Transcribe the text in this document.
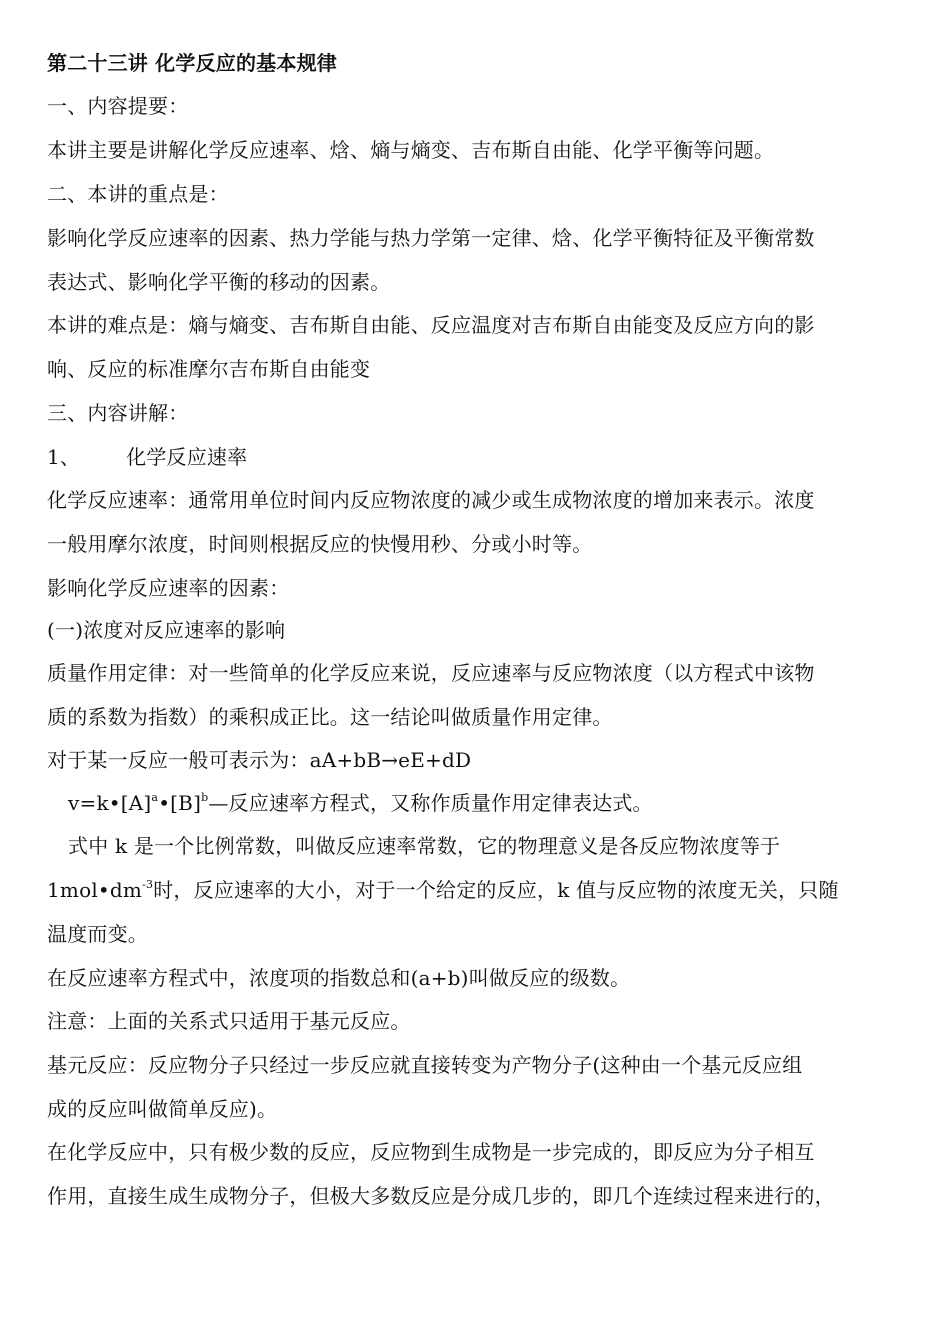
第二十三讲 化学反应的基本规律
一、内容提要：
本讲主要是讲解化学反应速率、焓、熵与熵变、吉布斯自由能、化学平衡等问题。
二、本讲的重点是：
影响化学反应速率的因素、热力学能与热力学第一定律、焓、化学平衡特征及平衡常数
表达式、影响化学平衡的移动的因素。
本讲的难点是：熵与熵变、吉布斯自由能、反应温度对吉布斯自由能变及反应方向的影
响、反应的标准摩尔吉布斯自由能变
三、内容讲解：
1、 化学反应速率
化学反应速率：通常用单位时间内反应物浓度的减少或生成物浓度的增加来表示。浓度
一般用摩尔浓度，时间则根据反应的快慢用秒、分或小时等。
影响化学反应速率的因素：
(一)浓度对反应速率的影响
质量作用定律：对一些简单的化学反应来说，反应速率与反应物浓度（以方程式中该物
质的系数为指数）的乘积成正比。这一结论叫做质量作用定律。
对于某一反应一般可表示为：aA+bB→eE+dD
$v=k•[A]^a•[B]^b—$反应速率方程式，又称作质量作用定律表达式。
式中 k 是一个比例常数，叫做反应速率常数，它的物理意义是各反应物浓度等于
$1mol•dm^{-3}$时，反应速率的大小，对于一个给定的反应，k 值与反应物的浓度无关，只随
温度而变。
在反应速率方程式中，浓度项的指数总和(a+b)叫做反应的级数。
注意：上面的关系式只适用于基元反应。
基元反应：反应物分子只经过一步反应就直接转变为产物分子(这种由一个基元反应组
成的反应叫做简单反应)。
在化学反应中，只有极少数的反应，反应物到生成物是一步完成的，即反应为分子相互
作用，直接生成生成物分子，但极大多数反应是分成几步的，即几个连续过程来进行的，
